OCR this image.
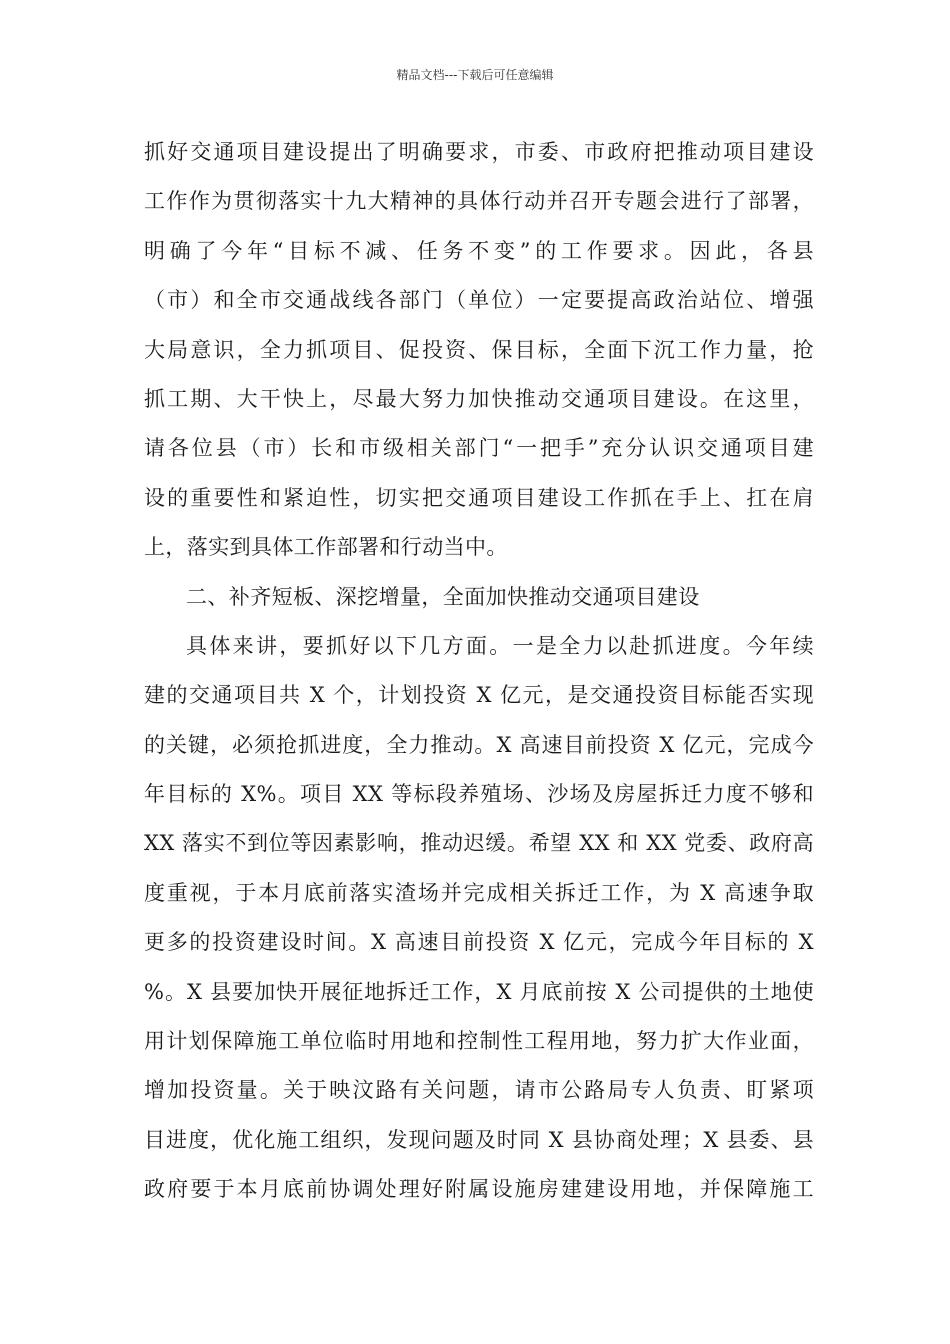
精品文档---下载后可任意编辑
抓好交通项目建设提出了明确要求，市委、市政府把推动项目建设
工作作为贯彻落实十九大精神的具体行动并召开专题会进行了部署，
明确了今年“目标不减、任务不变”的工作要求。因此，各县
（市）和全市交通战线各部门（单位）一定要提高政治站位、增强
大局意识，全力抓项目、促投资、保目标，全面下沉工作力量，抢
抓工期、大干快上，尽最大努力加快推动交通项目建设。在这里，
请各位县（市）长和市级相关部门“一把手”充分认识交通项目建
设的重要性和紧迫性，切实把交通项目建设工作抓在手上、扛在肩
上，落实到具体工作部署和行动当中。
二、补齐短板、深挖增量，全面加快推动交通项目建设
具体来讲，要抓好以下几方面。一是全力以赴抓进度。今年续
建的交通项目共 X 个，计划投资 X 亿元，是交通投资目标能否实现
的关键，必须抢抓进度，全力推动。X 高速目前投资 X 亿元，完成今
年目标的 X%。项目 XX 等标段养殖场、沙场及房屋拆迁力度不够和
XX 落实不到位等因素影响，推动迟缓。希望 XX 和 XX 党委、政府高
度重视，于本月底前落实渣场并完成相关拆迁工作，为 X 高速争取
更多的投资建设时间。X 高速目前投资 X 亿元，完成今年目标的 X
%。X 县要加快开展征地拆迁工作，X 月底前按 X 公司提供的土地使
用计划保障施工单位临时用地和控制性工程用地，努力扩大作业面，
增加投资量。关于映汶路有关问题，请市公路局专人负责、盯紧项
目进度，优化施工组织，发现问题及时同 X 县协商处理；X 县委、县
政府要于本月底前协调处理好附属设施房建建设用地，并保障施工
